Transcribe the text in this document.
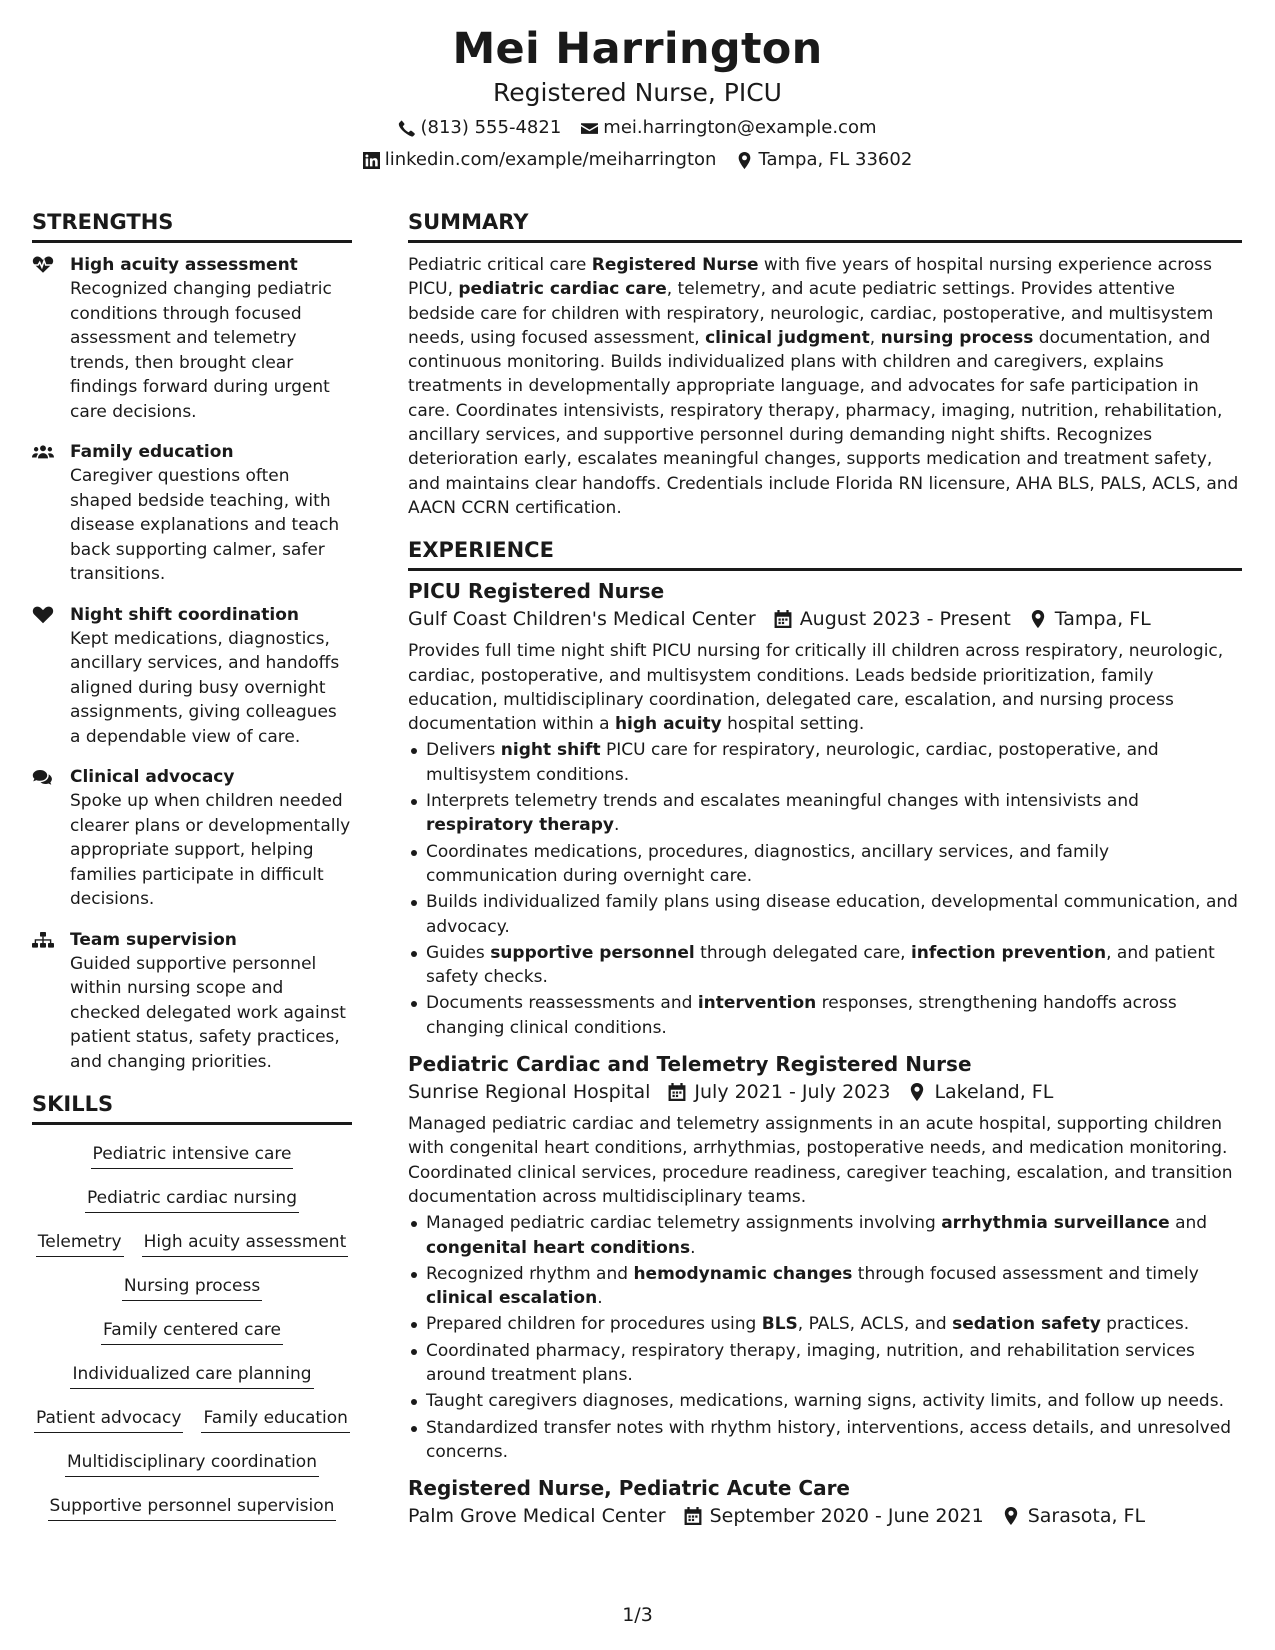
Mei Harrington
Registered Nurse, PICU
(813) 555-4821 mei.harrington@example.com
linkedin.com/example/meiharrington Tampa, FL 33602
STRENGTHS
High acuity assessment
Recognized changing pediatric conditions through focused assessment and telemetry trends, then brought clear findings forward during urgent care decisions.
Family education
Caregiver questions often shaped bedside teaching, with disease explanations and teach back supporting calmer, safer transitions.
Night shift coordination
Kept medications, diagnostics, ancillary services, and handoffs aligned during busy overnight assignments, giving colleagues a dependable view of care.
Clinical advocacy
Spoke up when children needed clearer plans or developmentally appropriate support, helping families participate in difficult decisions.
Team supervision
Guided supportive personnel within nursing scope and checked delegated work against patient status, safety practices, and changing priorities.
SKILLS
Pediatric intensive care
Pediatric cardiac nursing
Telemetry High acuity assessment
Nursing process
Family centered care
Individualized care planning
Patient advocacy Family education
Multidisciplinary coordination
Supportive personnel supervision
SUMMARY

Pediatric critical care Registered Nurse with five years of hospital nursing experience across PICU, pediatric cardiac care, telemetry, and acute pediatric settings. Provides attentive bedside care for children with respiratory, neurologic, cardiac, postoperative, and multisystem needs, using focused assessment, clinical judgment, nursing process documentation, and continuous monitoring. Builds individualized plans with children and caregivers, explains treatments in developmentally appropriate language, and advocates for safe participation in care. Coordinates intensivists, respiratory therapy, pharmacy, imaging, nutrition, rehabilitation, ancillary services, and supportive personnel during demanding night shifts. Recognizes deterioration early, escalates meaningful changes, supports medication and treatment safety, and maintains clear handoffs. Credentials include Florida RN licensure, AHA BLS, PALS, ACLS, and AACN CCRN certification.

EXPERIENCE
PICU Registered Nurse
Gulf Coast Children's Medical Center August 2023 - Present Tampa, FL

Provides full time night shift PICU nursing for critically ill children across respiratory, neurologic, cardiac, postoperative, and multisystem conditions. Leads bedside prioritization, family education, multidisciplinary coordination, delegated care, escalation, and nursing process documentation within a high acuity hospital setting.

Delivers night shift PICU care for respiratory, neurologic, cardiac, postoperative, and multisystem conditions.
Interprets telemetry trends and escalates meaningful changes with intensivists and respiratory therapy.
Coordinates medications, procedures, diagnostics, ancillary services, and family communication during overnight care.
Builds individualized family plans using disease education, developmental communication, and advocacy.
Guides supportive personnel through delegated care, infection prevention, and patient safety checks.
Documents reassessments and intervention responses, strengthening handoffs across changing clinical conditions.
Pediatric Cardiac and Telemetry Registered Nurse
Sunrise Regional Hospital July 2021 - July 2023 Lakeland, FL

Managed pediatric cardiac and telemetry assignments in an acute hospital, supporting children with congenital heart conditions, arrhythmias, postoperative needs, and medication monitoring. Coordinated clinical services, procedure readiness, caregiver teaching, escalation, and transition documentation across multidisciplinary teams.

Managed pediatric cardiac telemetry assignments involving arrhythmia surveillance and congenital heart conditions.
Recognized rhythm and hemodynamic changes through focused assessment and timely clinical escalation.
Prepared children for procedures using BLS, PALS, ACLS, and sedation safety practices.
Coordinated pharmacy, respiratory therapy, imaging, nutrition, and rehabilitation services around treatment plans.
Taught caregivers diagnoses, medications, warning signs, activity limits, and follow up needs.
Standardized transfer notes with rhythm history, interventions, access details, and unresolved concerns.
Registered Nurse, Pediatric Acute Care
Palm Grove Medical Center September 2020 - June 2021 Sarasota, FL
1/3
